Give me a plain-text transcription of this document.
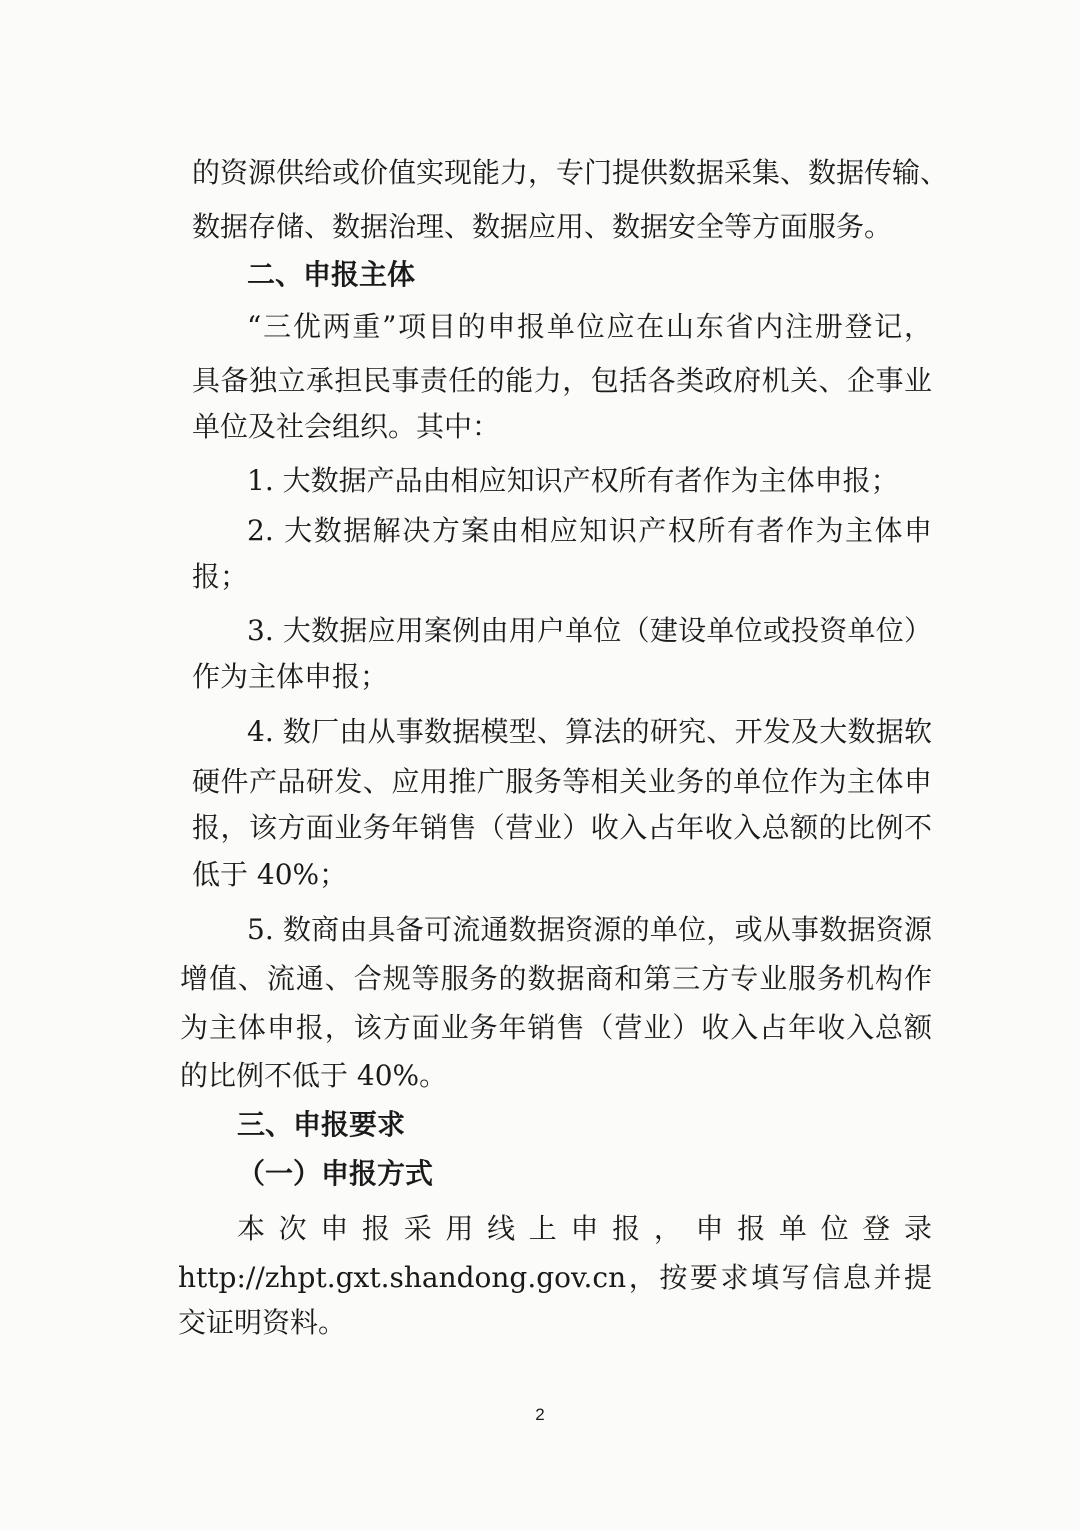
的资源供给或价值实现能力，专门提供数据采集、数据传输、
数据存储、数据治理、数据应用、数据安全等方面服务。
二、申报主体
“三优两重”项目的申报单位应在山东省内注册登记，
具备独立承担民事责任的能力，包括各类政府机关、企事业
单位及社会组织。其中：
1. 大数据产品由相应知识产权所有者作为主体申报；
2. 大数据解决方案由相应知识产权所有者作为主体申
报；
3. 大数据应用案例由用户单位（建设单位或投资单位）
作为主体申报；
4. 数厂由从事数据模型、算法的研究、开发及大数据软
硬件产品研发、应用推广服务等相关业务的单位作为主体申
报，该方面业务年销售（营业）收入占年收入总额的比例不
低于 40%；
5. 数商由具备可流通数据资源的单位，或从事数据资源
增值、流通、合规等服务的数据商和第三方专业服务机构作
为主体申报，该方面业务年销售（营业）收入占年收入总额
的比例不低于 40%。
三、申报要求
（一）申报方式
本次申报采用线上申报，申报单位登录
http://zhpt.gxt.shandong.gov.cn，按要求填写信息并提
交证明资料。
2
